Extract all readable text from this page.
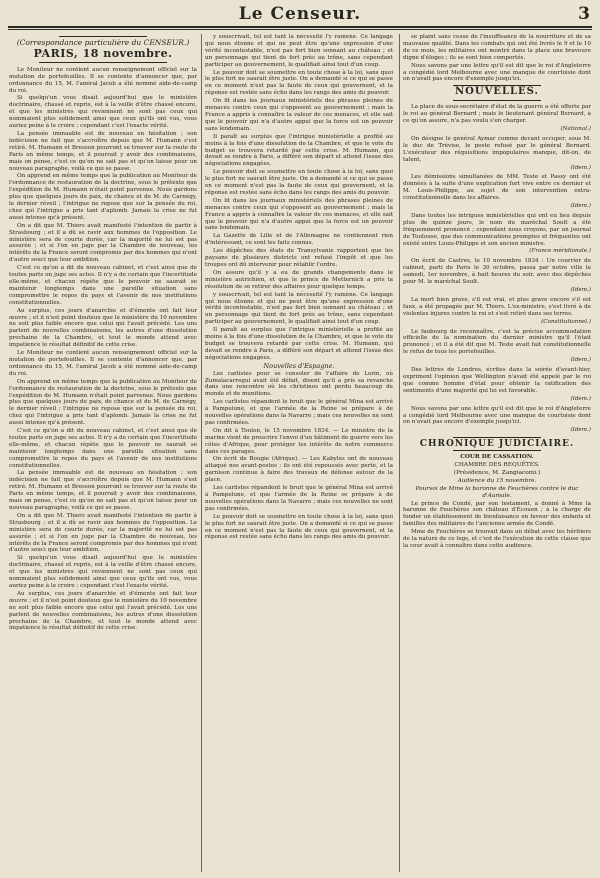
Le Censeur.	3
(Correspondance particulière du CENSEUR.)
PARIS, 18 novembre.

Le Moniteur ne contient aucun renseignement officiel sur la mutation de portefeuilles. Il se contente d'annoncer que, par ordonnance du 15, M. l'amiral Jacob a été nommé aide-de-camp du roi.

Si quelqu'un vous disait aujourd'hui que le ministère doctrinaire, chassé et repris, est à la veille d'être chassé encore, et que les ministres qui reviennent ne sont pas ceux qui nommaient plus solidement ainsi que ceux qu'ils ont vus, vous auriez peine à le croire ; cependant c'est l'exacte vérité.

La pensée immuable est de nouveau en hésitation ; son indécision ne fait que s'accroître depuis que M. Humann s'est retiré. M. Humann et Bresson pourront se trouver sur la route de Paris en même temps, et il pourrait y avoir des combinaisons, mais on pense, c'est ce qu'on ne sait pas et qu'on laisse pour un nouveau paragraphe, voilà ce qui se passe.

On apprend en même temps que la publication au Moniteur de l'ordonnance de restauration de la doctrine, sous le prétexte que l'expédition de M. Humann n'était point parvenue. Nous gardons plus que quelques jours de paix, de chance et de M. de Carnégy, le dernier réveil ; l'intrigue ne repose que sur la pensée du roi, chez qui l'intrigue a pris tant d'aplomb. Jamais la crise ne fut aussi intense qu'à présent.

On a dit que M. Thiers avait manifesté l'intention de partir à Strasbourg ; et il a dû se ravir aux hommes de l'opposition. Le ministère sera de courte durée, car la majorité ne lui est pas assurée ; et si l'on en juge par la Chambre de nouveau, les intérêts de la France seront compromis par des hommes qui n'ont d'autre souci que leur ambition.

C'est ce qu'on a dit du nouveau cabinet, et c'est ainsi que de toutes parts on juge ses actes. Il n'y a de certain que l'incertitude elle-même, et chacun répète que le pouvoir ne saurait se maintenir longtemps dans une pareille situation sans compromettre le repos du pays et l'avenir de nos institutions constitutionnelles.

Au surplus, ces jours d'anarchie et d'émente ont fait leur œuvre ; et il n'est point douteux que le ministère du 10 novembre ne soit plus faible encore que celui qui l'avait précédé. Les uns parlent de nouvelles combinaisons, les autres d'une dissolution prochaine de la Chambre, et tout le monde attend avec impatience le résultat définitif de cette crise.

Le Moniteur ne contient aucun renseignement officiel sur la mutation de portefeuilles. Il se contente d'annoncer que, par ordonnance du 15, M. l'amiral Jacob a été nommé aide-de-camp du roi.

On apprend en même temps que la publication au Moniteur de l'ordonnance de restauration de la doctrine, sous le prétexte que l'expédition de M. Humann n'était point parvenue. Nous gardons plus que quelques jours de paix, de chance et de M. de Carnégy, le dernier réveil ; l'intrigue ne repose que sur la pensée du roi, chez qui l'intrigue a pris tant d'aplomb. Jamais la crise ne fut aussi intense qu'à présent.

C'est ce qu'on a dit du nouveau cabinet, et c'est ainsi que de toutes parts on juge ses actes. Il n'y a de certain que l'incertitude elle-même, et chacun répète que le pouvoir ne saurait se maintenir longtemps dans une pareille situation sans compromettre le repos du pays et l'avenir de nos institutions constitutionnelles.

La pensée immuable est de nouveau en hésitation ; son indécision ne fait que s'accroître depuis que M. Humann s'est retiré. M. Humann et Bresson pourront se trouver sur la route de Paris en même temps, et il pourrait y avoir des combinaisons, mais on pense, c'est ce qu'on ne sait pas et qu'on laisse pour un nouveau paragraphe, voilà ce qui se passe.

On a dit que M. Thiers avait manifesté l'intention de partir à Strasbourg ; et il a dû se ravir aux hommes de l'opposition. Le ministère sera de courte durée, car la majorité ne lui est pas assurée ; et si l'on en juge par la Chambre de nouveau, les intérêts de la France seront compromis par des hommes qui n'ont d'autre souci que leur ambition.

Si quelqu'un vous disait aujourd'hui que le ministère doctrinaire, chassé et repris, est à la veille d'être chassé encore, et que les ministres qui reviennent ne sont pas ceux qui nommaient plus solidement ainsi que ceux qu'ils ont vus, vous auriez peine à le croire ; cependant c'est l'exacte vérité.

Au surplus, ces jours d'anarchie et d'émente ont fait leur œuvre ; et il n'est point douteux que le ministère du 10 novembre ne soit plus faible encore que celui qui l'avait précédé. Les uns parlent de nouvelles combinaisons, les autres d'une dissolution prochaine de la Chambre, et tout le monde attend avec impatience le résultat définitif de cette crise.

y souscrivait, tel est tant la nécessité l'y ramène. Ce langage qui nous étonne et qui ne peut être qu'une expression d'une vérité incontestable, n'est pas fort bien sonnant au château ; et un personnage qui tient de fort près au trône, sans cependant participer au gouvernement, le qualifiait ainsi tout d'un coup.

Le pouvoir doit se soumettre en toute chose à la loi, sans quoi le plus fort ne saurait être juste. On a demandé si ce qui se passe en ce moment n'est pas la faute de ceux qui gouvernent, et la réponse est restée sans écho dans les rangs des amis du pouvoir.

On lit dans les journaux ministériels des phrases pleines de menaces contre ceux qui s'opposent au gouvernement ; mais la France a appris à connaître la valeur de ces menaces, et elle sait que le pouvoir qui n'a d'autre appui que la force est un pouvoir sans lendemain.

Il paraît au surplus que l'intrigue ministérielle a profité au moins à la fois d'une dissolution de la Chambre, et que le vote du budget se trouvera retardé par cette crise. M. Humann, qui devait se rendre à Paris, a différé son départ et attend l'issue des négociations engagées.

Le pouvoir doit se soumettre en toute chose à la loi, sans quoi le plus fort ne saurait être juste. On a demandé si ce qui se passe en ce moment n'est pas la faute de ceux qui gouvernent, et la réponse est restée sans écho dans les rangs des amis du pouvoir.

On lit dans les journaux ministériels des phrases pleines de menaces contre ceux qui s'opposent au gouvernement ; mais la France a appris à connaître la valeur de ces menaces, et elle sait que le pouvoir qui n'a d'autre appui que la force est un pouvoir sans lendemain.

La Gazette de Lille et de l'Allemagne ne contiennent rien d'intéressant, ce sont les faits connus.

Les dépêches des états de Transylvanie rapportent que les paysans de plusieurs districts ont refusé l'impôt et que les troupes ont dû intervenir pour rétablir l'ordre.

On assure qu'il y a eu de grands changements dans le ministère autrichien, et que le prince de Metternich a pris la résolution de se retirer des affaires pour quelque temps.

y souscrivait, tel est tant la nécessité l'y ramène. Ce langage qui nous étonne et qui ne peut être qu'une expression d'une vérité incontestable, n'est pas fort bien sonnant au château ; et un personnage qui tient de fort près au trône, sans cependant participer au gouvernement, le qualifiait ainsi tout d'un coup.

Il paraît au surplus que l'intrigue ministérielle a profité au moins à la fois d'une dissolution de la Chambre, et que le vote du budget se trouvera retardé par cette crise. M. Humann, qui devait se rendre à Paris, a différé son départ et attend l'issue des négociations engagées.

Nouvelles d'Espagne.

Les carlistes pour se consoler de l'affaire de Lerin, où Zumalacarregui avait été défait, disent qu'il a pris sa revanche dans une rencontre où les christinos ont perdu beaucoup de monde et de munitions.

Les carlistes répandent le bruit que le général Mina est arrivé à Pampelune, et que l'armée de la Reine se prépare à de nouvelles opérations dans la Navarre ; mais ces nouvelles ne sont pas confirmées.

On dit à Toulon, le 15 novembre 1834. — Le ministre de la marine vient de prescrire l'envoi d'un bâtiment de guerre vers les côtes d'Afrique, pour protéger les intérêts de notre commerce dans ces parages.

On écrit de Bougie (Afrique). — Les Kabyles ont de nouveau attaqué nos avant-postes ; ils ont été repoussés avec perte, et la garnison continue à faire des travaux de défense autour de la place.

Les carlistes répandent le bruit que le général Mina est arrivé à Pampelune, et que l'armée de la Reine se prépare à de nouvelles opérations dans la Navarre ; mais ces nouvelles ne sont pas confirmées.

Le pouvoir doit se soumettre en toute chose à la loi, sans quoi le plus fort ne saurait être juste. On a demandé si ce qui se passe en ce moment n'est pas la faute de ceux qui gouvernent, et la réponse est restée sans écho dans les rangs des amis du pouvoir.

se plaint sans cesse de l'insuffisance de la nourriture et de sa mauvaise qualité. Dans les combats qui ont été livrés le 9 et le 10 de ce mois, les militaires ont montré dans la place une bravoure digne d'éloges ; ils se sont bien comportés.

Nous savons par une lettre qu'il est dit que le roi d'Angleterre a congédié lord Melbourne avec une manque de courtoisie dont on n'avait pas encore d'exemple jusqu'ici.

NOUVELLES.

La place de sous-secrétaire d'état de la guerre a été offerte par le roi au général Bernard ; mais le lieutenant général Bernard, à ce qu'on assure, n'a pas voulu s'en charger.

(National.)

On désigne le général Aymar comme devant occuper, sous M. le duc de Trévise, le poste refusé par le général Bernard. L'exécuteur des réquisitions impopulaires manque, dit-on, de talent.

(Idem.)

Les démissions simultanées de MM. Teste et Passy ont été données à la suite d'une explication fort vive entre ce dernier et M. Louis-Philippe, au sujet de son intervention extra-constitutionnelle dans les affaires.

(Idem.)

Dans toutes les intrigues ministérielles qui ont eu lieu depuis plus de quinze jours, le nom du maréchal Soult a été fréquemment prononcé ; cependant nous croyons, par un journal de Toulouse, que des communications promptes et fréquentes ont existé entre Louis-Philippe et son ancien ministre.

(France méridionale.)

On écrit de Castres, le 10 novembre 1834 : Un courrier de cabinet, parti de Paris le 30 octobre, passa par notre ville le samedi, 1er novembre, à huit heures du soir, avec des dépêches pour M. le maréchal Soult.

(Idem.)

La mort bien grave, s'il est vrai, et plus grave encore s'il est faux, a été propagée par M. Thiers. L'ex-ministre, s'est livré à de violentes injures contre le roi et s'est retiré dans ses terres.

(Constitutionnel.)

Le faubourg de reconnaître, c'est la précise accommodation officielle de la nomination du dernier ministre qu'il l'était prononcé ; et il a été dit que M. Teste avait fait constitutionnelle le refus de tous les portefeuilles.

(Idem.)

Des lettres de Londres, écrites dans la soirée d'avant-hier, expriment l'opinion que Wellington n'avait été appelé par le roi que comme homme d'état pour obtenir la ratification des sentiments d'une majorité qui lui est favorable.

(Idem.)

Nous savons par une lettre qu'il est dit que le roi d'Angleterre a congédié lord Melbourne avec une manque de courtoisie dont on n'avait pas encore d'exemple jusqu'ici.

(Idem.)
CHRONIQUE JUDICIAIRE.
COUR DE CASSATION.
CHAMBRE DES REQUÊTES.
(Présidence, M. Zangiacomi.)
Audience du 15 novembre.
Pourvoi de Mme la baronne de Feuchères contre le duc d'Aumale.

Le prince de Condé, par son testament, a donné à Mme la baronne de Feuchères son château d'Écouen ; à la charge de fonder un établissement de bienfaisance en faveur des enfants et familles des militaires de l'ancienne armée de Condé.

Mme de Feuchères se trouvait dans un débat avec les héritiers de la nature de ce legs, et c'est de l'exécution de cette clause que la cour avait à connaître dans cette audience.
